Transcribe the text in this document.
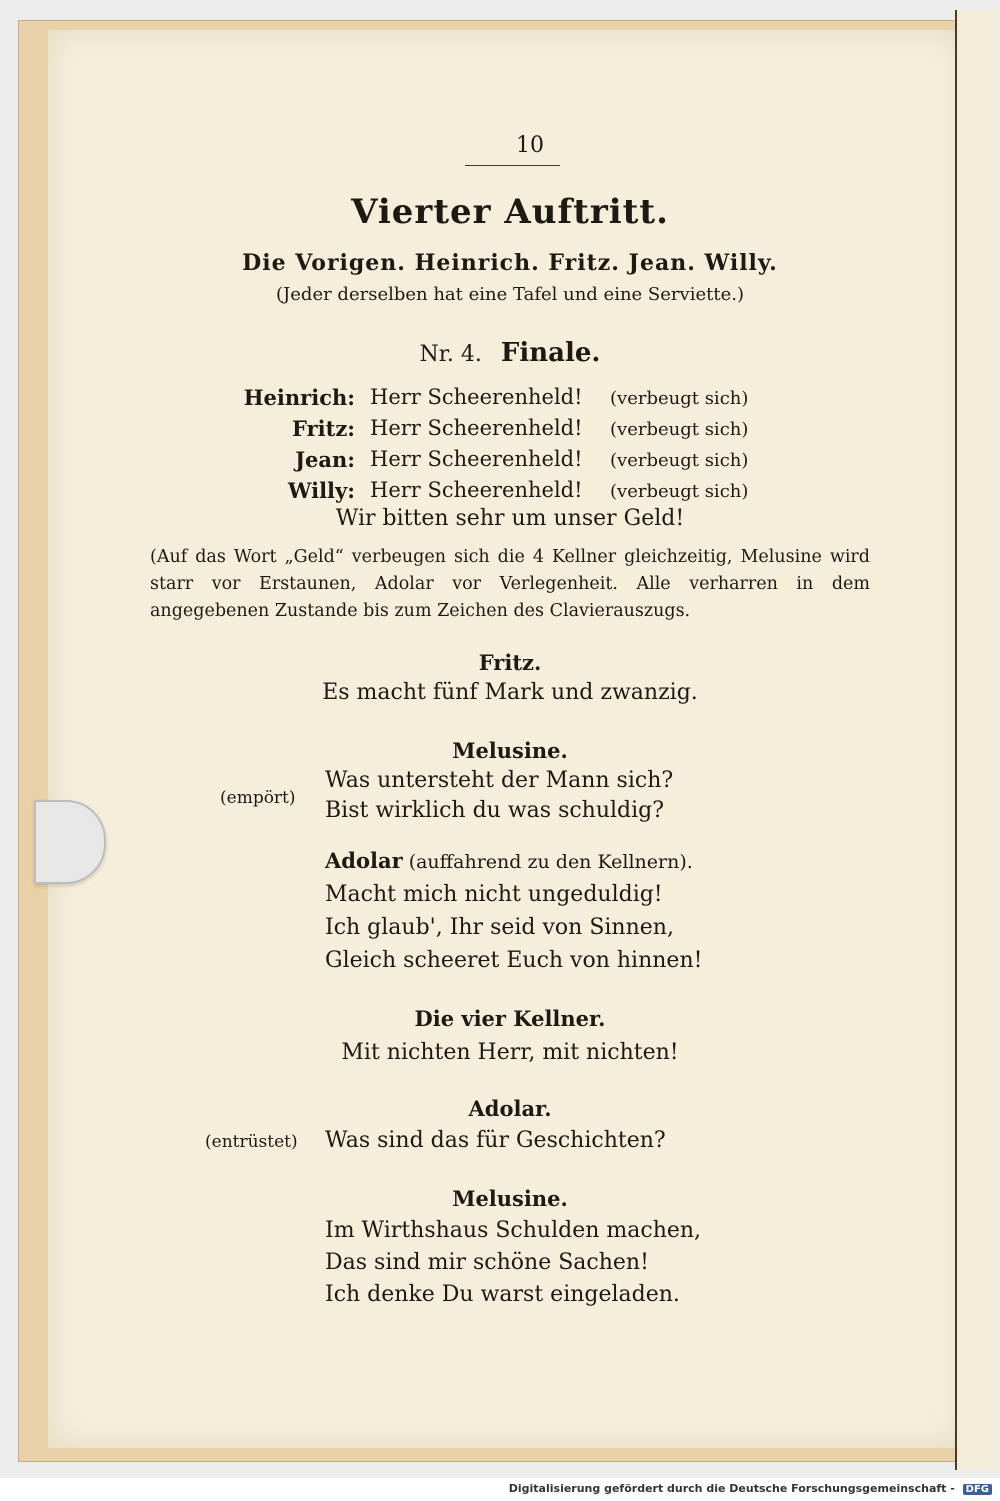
10
Vierter Auftritt.
Die Vorigen. Heinrich. Fritz. Jean. Willy.
(Jeder derselben hat eine Tafel und eine Serviette.)
Nr. 4. Finale.
Heinrich: Herr Scheerenheld! (verbeugt sich)
Fritz: Herr Scheerenheld! (verbeugt sich)
Jean: Herr Scheerenheld! (verbeugt sich)
Willy: Herr Scheerenheld! (verbeugt sich)
Wir bitten sehr um unser Geld!
(Auf das Wort „Geld“ verbeugen sich die 4 Kellner gleichzeitig, Melusine wird starr vor Erstaunen, Adolar vor Verlegenheit. Alle verharren in dem angegebenen Zustande bis zum Zeichen des Clavierauszugs.
Fritz.
Es macht fünf Mark und zwanzig.
Melusine.
(empört)
Was untersteht der Mann sich?
Bist wirklich du was schuldig?
Adolar (auffahrend zu den Kellnern).
Macht mich nicht ungeduldig!
Ich glaub', Ihr seid von Sinnen,
Gleich scheeret Euch von hinnen!
Die vier Kellner.
Mit nichten Herr, mit nichten!
Adolar.
(entrüstet) Was sind das für Geschichten?
Melusine.
Im Wirthshaus Schulden machen,
Das sind mir schöne Sachen!
Ich denke Du warst eingeladen.
Digitalisierung gefördert durch die Deutsche Forschungsgemeinschaft - DFG
